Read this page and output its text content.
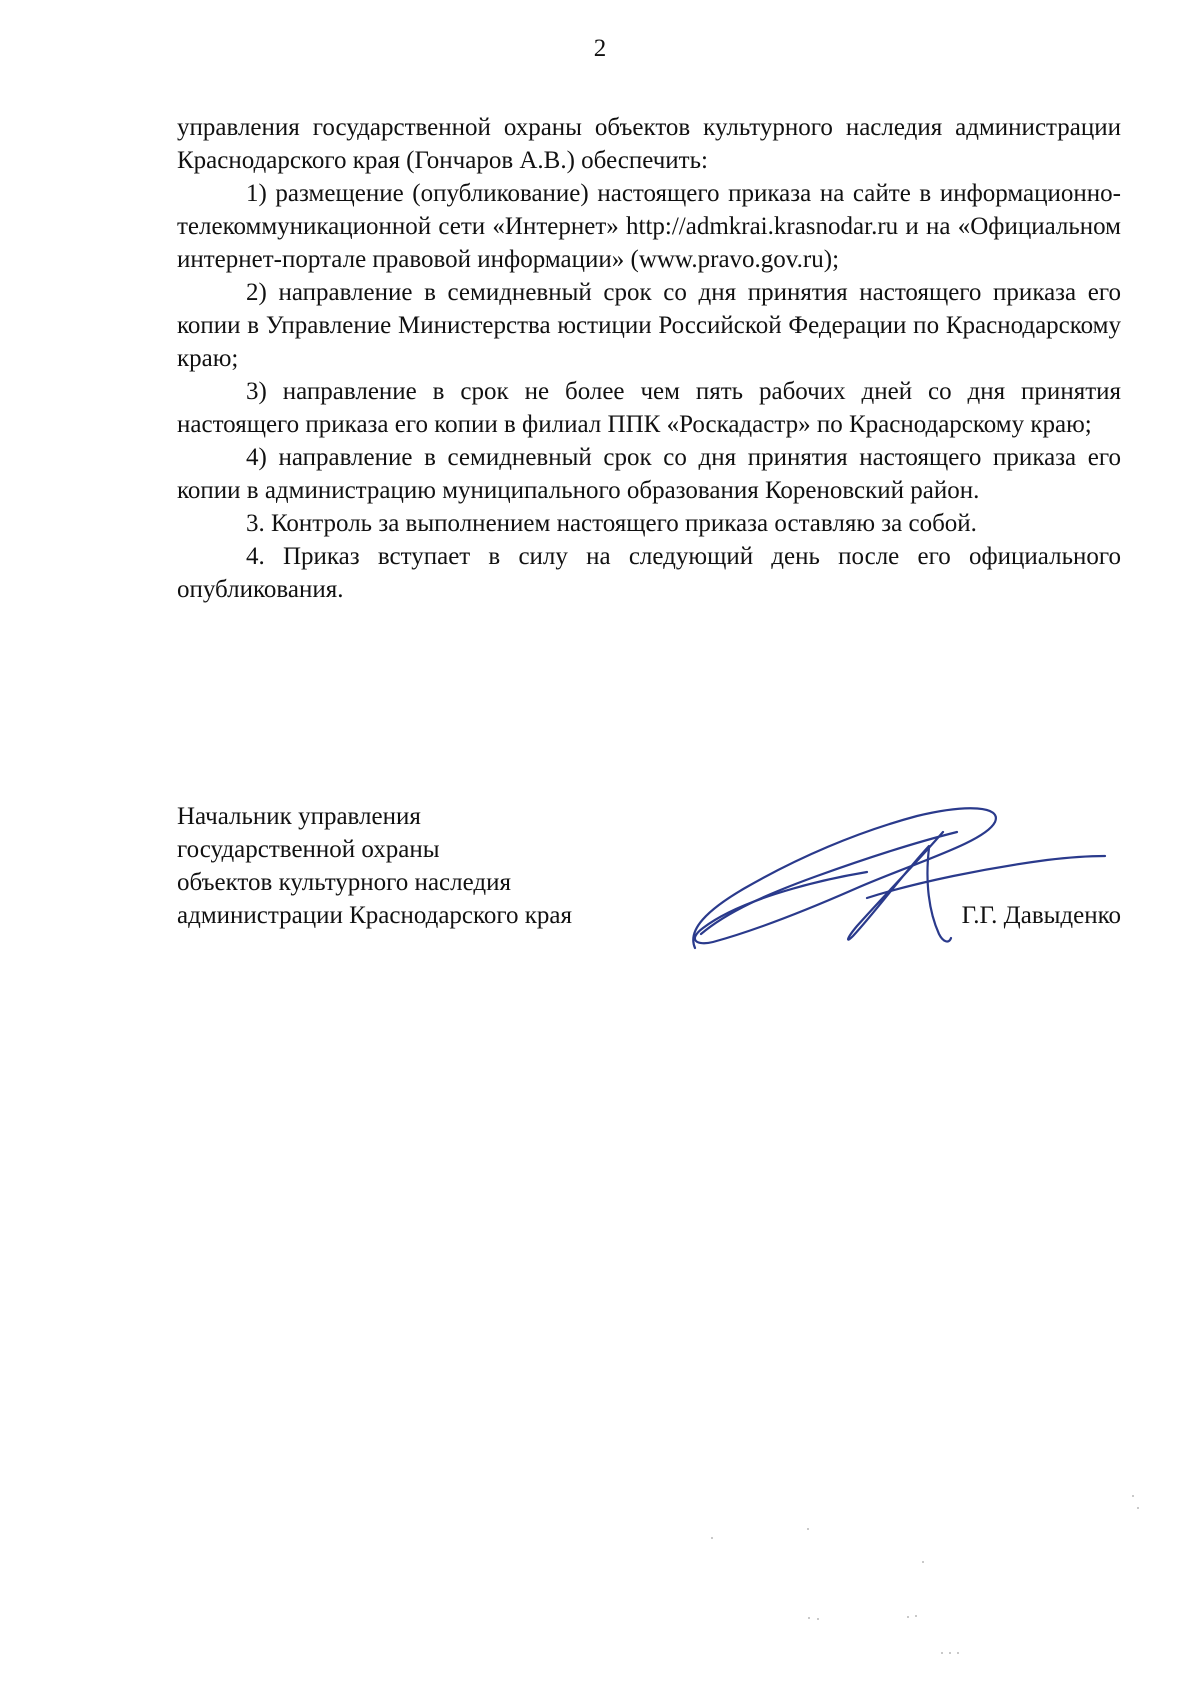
2

управления государственной охраны объектов культурного наследия администрации Краснодарского края (Гончаров А.В.) обеспечить:

1) размещение (опубликование) настоящего приказа на сайте в информационно-телекоммуникационной сети «Интернет» http://admkrai.krasnodar.ru и на «Официальном интернет-портале правовой информации» (www.pravo.gov.ru);

2) направление в семидневный срок со дня принятия настоящего приказа его копии в Управление Министерства юстиции Российской Федерации по Краснодарскому краю;

3) направление в срок не более чем пять рабочих дней со дня принятия настоящего приказа его копии в филиал ППК «Роскадастр» по Краснодарскому краю;

4) направление в семидневный срок со дня принятия настоящего приказа его копии в администрацию муниципального образования Кореновский район.

3. Контроль за выполнением настоящего приказа оставляю за собой.

4. Приказ вступает в силу на следующий день после его официального опубликования.

Начальник управления
государственной охраны
объектов культурного наследия
администрации Краснодарского края	Г.Г. Давыденко
